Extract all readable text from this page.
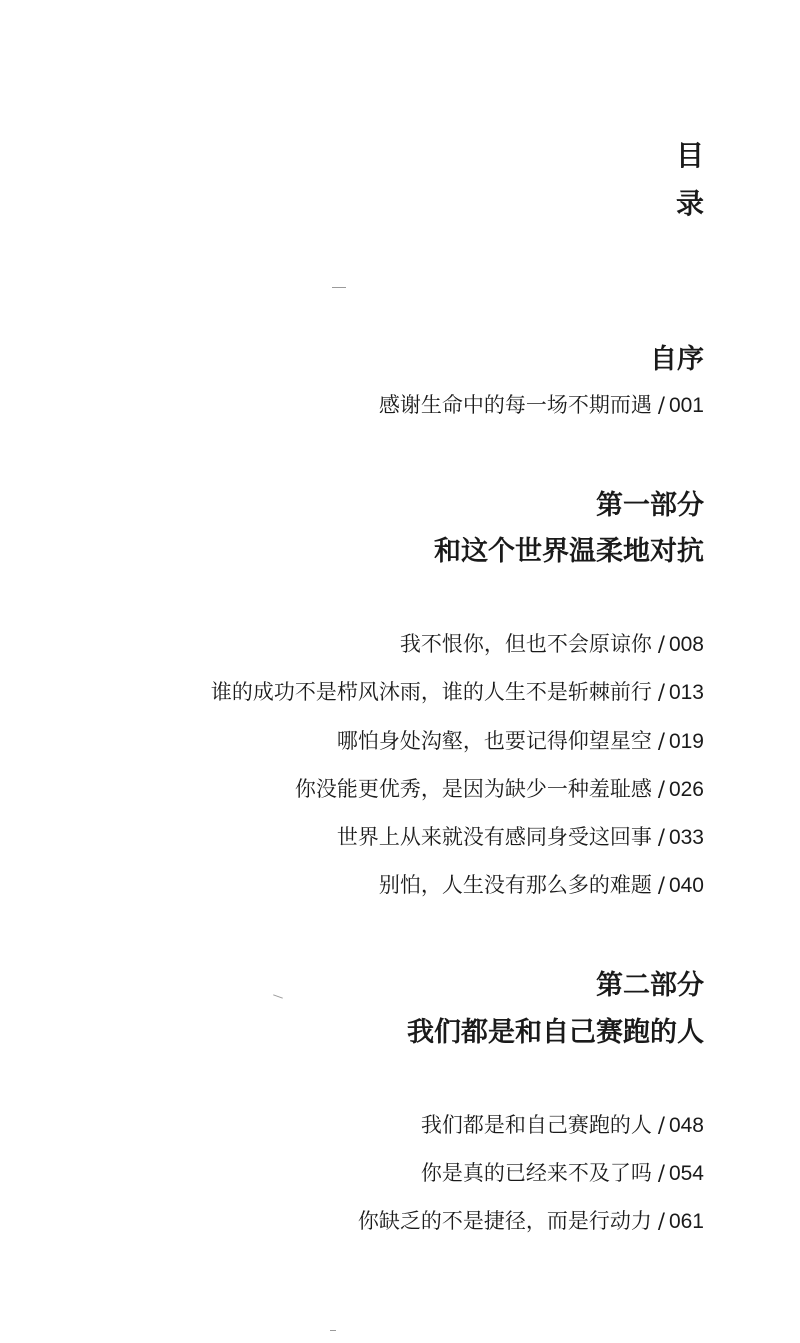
目
录
自序
感谢生命中的每一场不期而遇 / 001
第一部分
和这个世界温柔地对抗
我不恨你，但也不会原谅你 / 008
谁的成功不是栉风沐雨，谁的人生不是斩棘前行 / 013
哪怕身处沟壑，也要记得仰望星空 / 019
你没能更优秀，是因为缺少一种羞耻感 / 026
世界上从来就没有感同身受这回事 / 033
别怕，人生没有那么多的难题 / 040
第二部分
我们都是和自己赛跑的人
我们都是和自己赛跑的人 / 048
你是真的已经来不及了吗 / 054
你缺乏的不是捷径，而是行动力 / 061
